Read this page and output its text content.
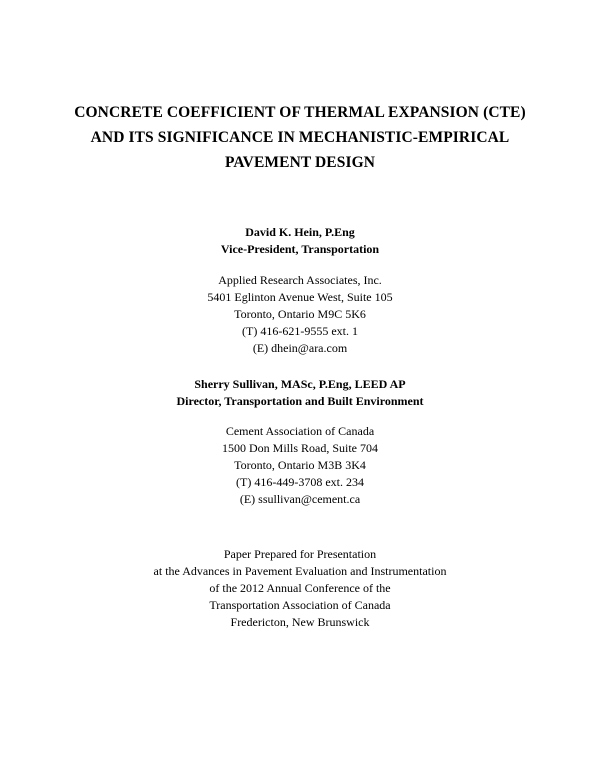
CONCRETE COEFFICIENT OF THERMAL EXPANSION (CTE)
AND ITS SIGNIFICANCE IN MECHANISTIC-EMPIRICAL
PAVEMENT DESIGN
David K. Hein, P.Eng
Vice-President, Transportation
Applied Research Associates, Inc.
5401 Eglinton Avenue West, Suite 105
Toronto, Ontario M9C 5K6
(T) 416-621-9555 ext. 1
(E) dhein@ara.com
Sherry Sullivan, MASc, P.Eng, LEED AP
Director, Transportation and Built Environment
Cement Association of Canada
1500 Don Mills Road, Suite 704
Toronto, Ontario M3B 3K4
(T) 416-449-3708 ext. 234
(E) ssullivan@cement.ca
Paper Prepared for Presentation
at the Advances in Pavement Evaluation and Instrumentation
of the 2012 Annual Conference of the
Transportation Association of Canada
Fredericton, New Brunswick
